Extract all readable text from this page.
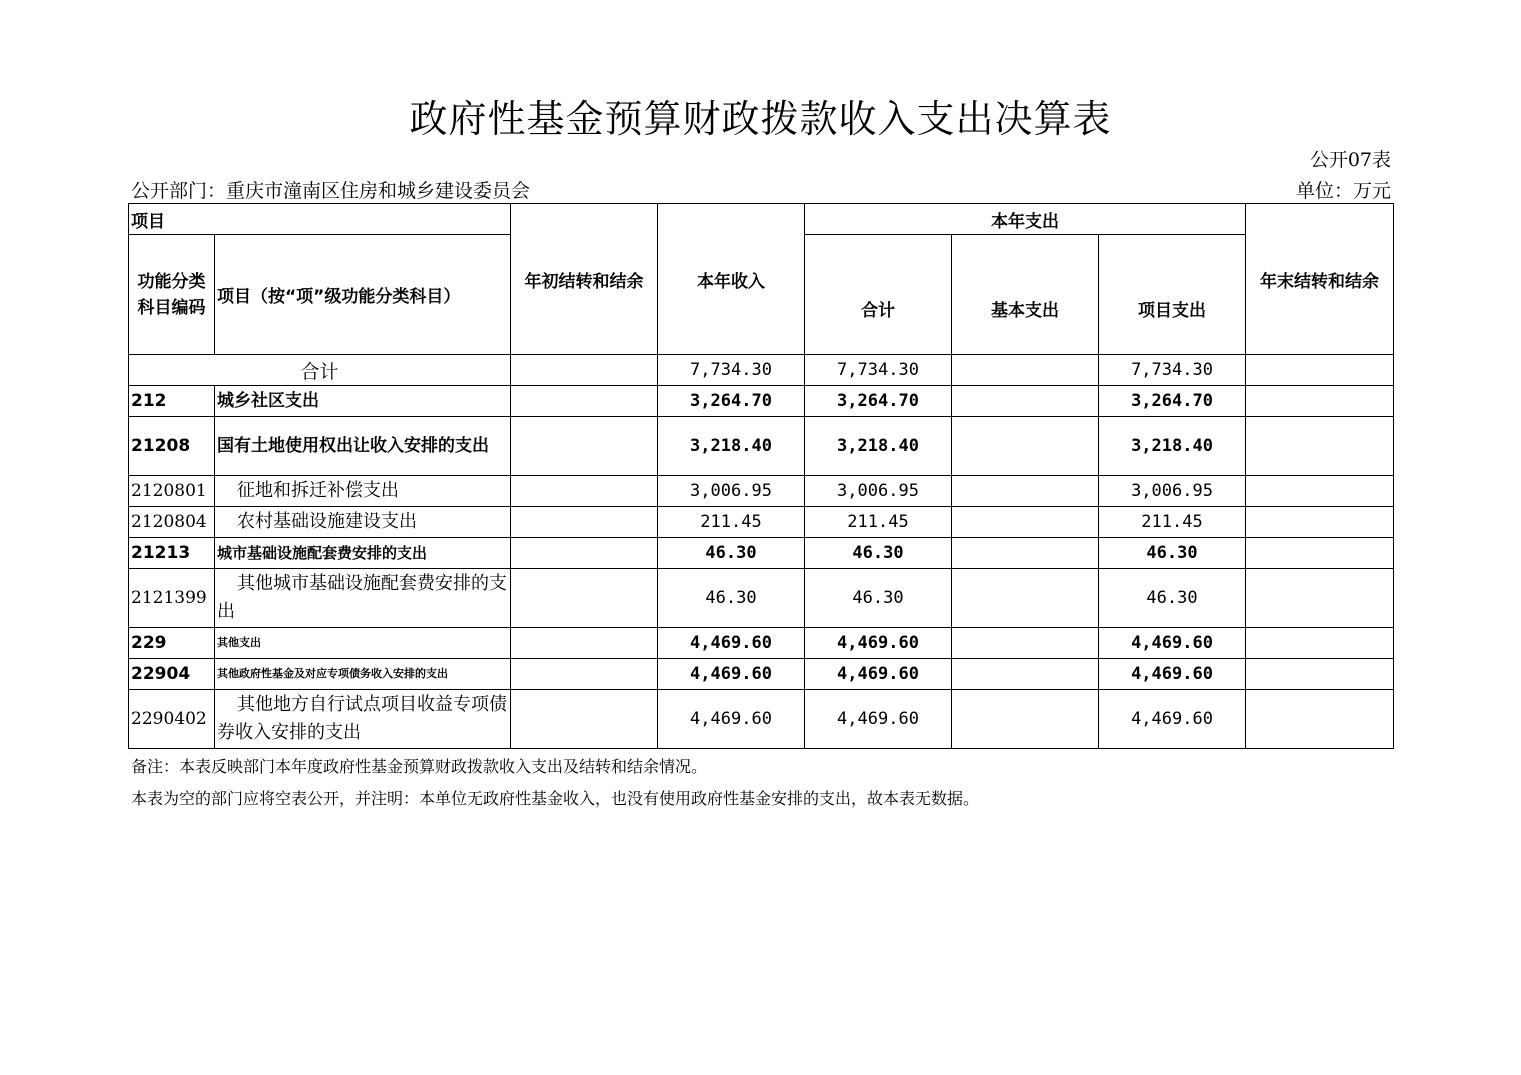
政府性基金预算财政拨款收入支出决算表
公开07表
公开部门：重庆市潼南区住房和城乡建设委员会	单位：万元
项目		年初结转和结余	本年收入	本年支出			年末结转和结余
功能分类科目编码	项目（按“项”级功能分类科目）			合计	基本支出	项目支出	
合计			7,734.30	7,734.30		7,734.30	
212	城乡社区支出		3,264.70	3,264.70		3,264.70	
21208	国有土地使用权出让收入安排的支出		3,218.40	3,218.40		3,218.40	
2120801	征地和拆迁补偿支出		3,006.95	3,006.95		3,006.95	
2120804	农村基础设施建设支出		211.45	211.45		211.45	
21213	城市基础设施配套费安排的支出		46.30	46.30		46.30	
2121399	其他城市基础设施配套费安排的支出		46.30	46.30		46.30	
229	其他支出		4,469.60	4,469.60		4,469.60	
22904	其他政府性基金及对应专项债务收入安排的支出		4,469.60	4,469.60		4,469.60	
2290402	其他地方自行试点项目收益专项债券收入安排的支出		4,469.60	4,469.60		4,469.60	
备注：本表反映部门本年度政府性基金预算财政拨款收入支出及结转和结余情况。
本表为空的部门应将空表公开，并注明：本单位无政府性基金收入，也没有使用政府性基金安排的支出，故本表无数据。
